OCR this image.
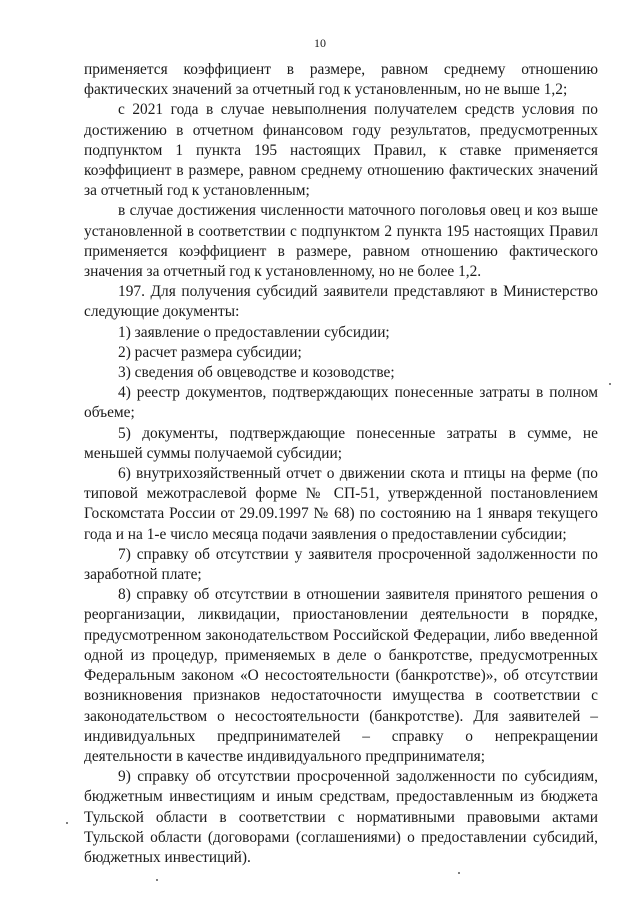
10

применяется коэффициент в размере, равном среднему отношению фактических значений за отчетный год к установленным, но не выше 1,2;

с 2021 года в случае невыполнения получателем средств условия по достижению в отчетном финансовом году результатов, предусмотренных подпунктом 1 пункта 195 настоящих Правил, к ставке применяется коэффициент в размере, равном среднему отношению фактических значений за отчетный год к установленным;

в случае достижения численности маточного поголовья овец и коз выше установленной в соответствии с подпунктом 2 пункта 195 настоящих Правил применяется коэффициент в размере, равном отношению фактического значения за отчетный год к установленному, но не более 1,2.

197. Для получения субсидий заявители представляют в Министерство следующие документы:

1) заявление о предоставлении субсидии;

2) расчет размера субсидии;

3) сведения об овцеводстве и козоводстве;

4) реестр документов, подтверждающих понесенные затраты в полном объеме;

5) документы, подтверждающие понесенные затраты в сумме, не меньшей суммы получаемой субсидии;

6) внутрихозяйственный отчет о движении скота и птицы на ферме (по типовой межотраслевой форме № СП-51, утвержденной постановлением Госкомстата России от 29.09.1997 № 68) по состоянию на 1 января текущего года и на 1-е число месяца подачи заявления о предоставлении субсидии;

7) справку об отсутствии у заявителя просроченной задолженности по заработной плате;

8) справку об отсутствии в отношении заявителя принятого решения о реорганизации, ликвидации, приостановлении деятельности в порядке, предусмотренном законодательством Российской Федерации, либо введенной одной из процедур, применяемых в деле о банкротстве, предусмотренных Федеральным законом «О несостоятельности (банкротстве)», об отсутствии возникновения признаков недостаточности имущества в соответствии с законодательством о несостоятельности (банкротстве). Для заявителей – индивидуальных предпринимателей – справку о непрекращении деятельности в качестве индивидуального предпринимателя;

9) справку об отсутствии просроченной задолженности по субсидиям, бюджетным инвестициям и иным средствам, предоставленным из бюджета Тульской области в соответствии с нормативными правовыми актами Тульской области (договорами (соглашениями) о предоставлении субсидий, бюджетных инвестиций).
